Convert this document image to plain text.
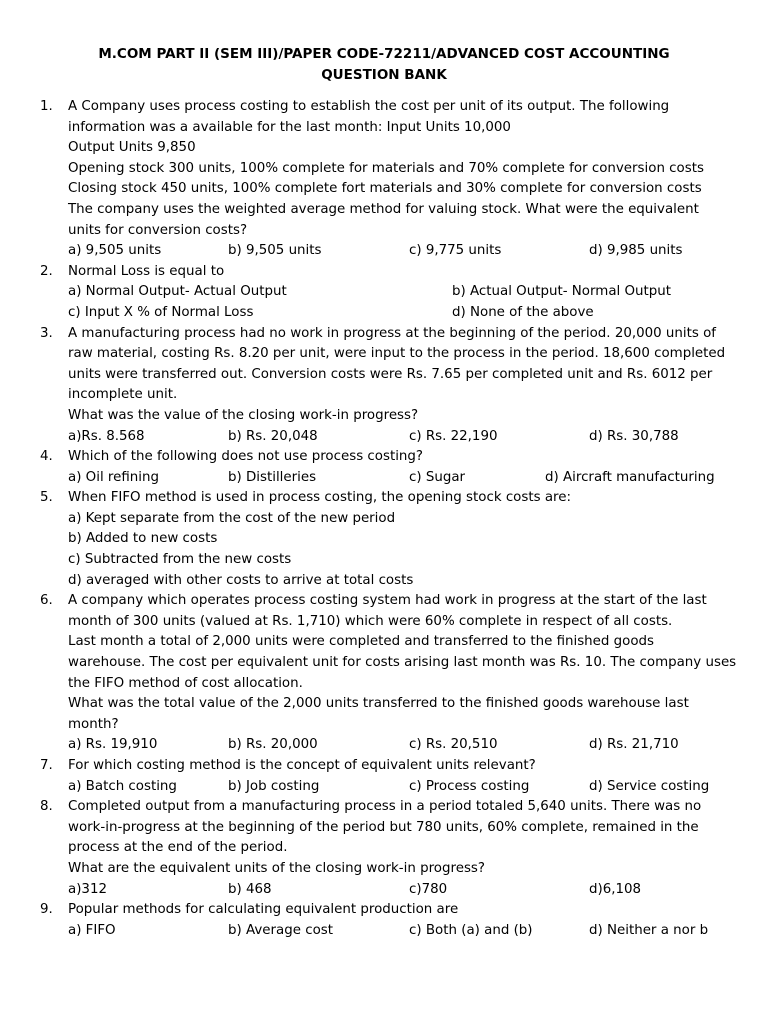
M.COM PART II (SEM III)/PAPER CODE-72211/ADVANCED COST ACCOUNTING
QUESTION BANK
1.	A Company uses process costing to establish the cost per unit of its output. The following
information was a available for the last month: Input Units 10,000
Output Units 9,850
Opening stock 300 units, 100% complete for materials and 70% complete for conversion costs
Closing stock 450 units, 100% complete fort materials and 30% complete for conversion costs
The company uses the weighted average method for valuing stock. What were the equivalent
units for conversion costs?
a) 9,505 units	b) 9,505 units	c) 9,775 units	d) 9,985 units
2.	Normal Loss is equal to
a) Normal Output- Actual Output	b) Actual Output- Normal Output
c) Input X % of Normal Loss	d) None of the above
3.	A manufacturing process had no work in progress at the beginning of the period. 20,000 units of
raw material, costing Rs. 8.20 per unit, were input to the process in the period. 18,600 completed
units were transferred out. Conversion costs were Rs. 7.65 per completed unit and Rs. 6012 per
incomplete unit.
What was the value of the closing work-in progress?
a)Rs. 8.568	b) Rs. 20,048	c) Rs. 22,190	d) Rs. 30,788
4.	Which of the following does not use process costing?
a) Oil refining	b) Distilleries	c) Sugar	d) Aircraft manufacturing
5.	When FIFO method is used in process costing, the opening stock costs are:
a) Kept separate from the cost of the new period
b) Added to new costs
c) Subtracted from the new costs
d) averaged with other costs to arrive at total costs
6.	A company which operates process costing system had work in progress at the start of the last
month of 300 units (valued at Rs. 1,710) which were 60% complete in respect of all costs.
Last month a total of 2,000 units were completed and transferred to the finished goods
warehouse. The cost per equivalent unit for costs arising last month was Rs. 10. The company uses
the FIFO method of cost allocation.
What was the total value of the 2,000 units transferred to the finished goods warehouse last
month?
a) Rs. 19,910	b) Rs. 20,000	c) Rs. 20,510	d) Rs. 21,710
7.	For which costing method is the concept of equivalent units relevant?
a) Batch costing	b) Job costing	c) Process costing	d) Service costing
8.	Completed output from a manufacturing process in a period totaled 5,640 units. There was no
work-in-progress at the beginning of the period but 780 units, 60% complete, remained in the
process at the end of the period.
What are the equivalent units of the closing work-in progress?
a)312	b) 468	c)780	d)6,108
9.	Popular methods for calculating equivalent production are
a) FIFO	b) Average cost	c) Both (a) and (b)	d) Neither a nor b
